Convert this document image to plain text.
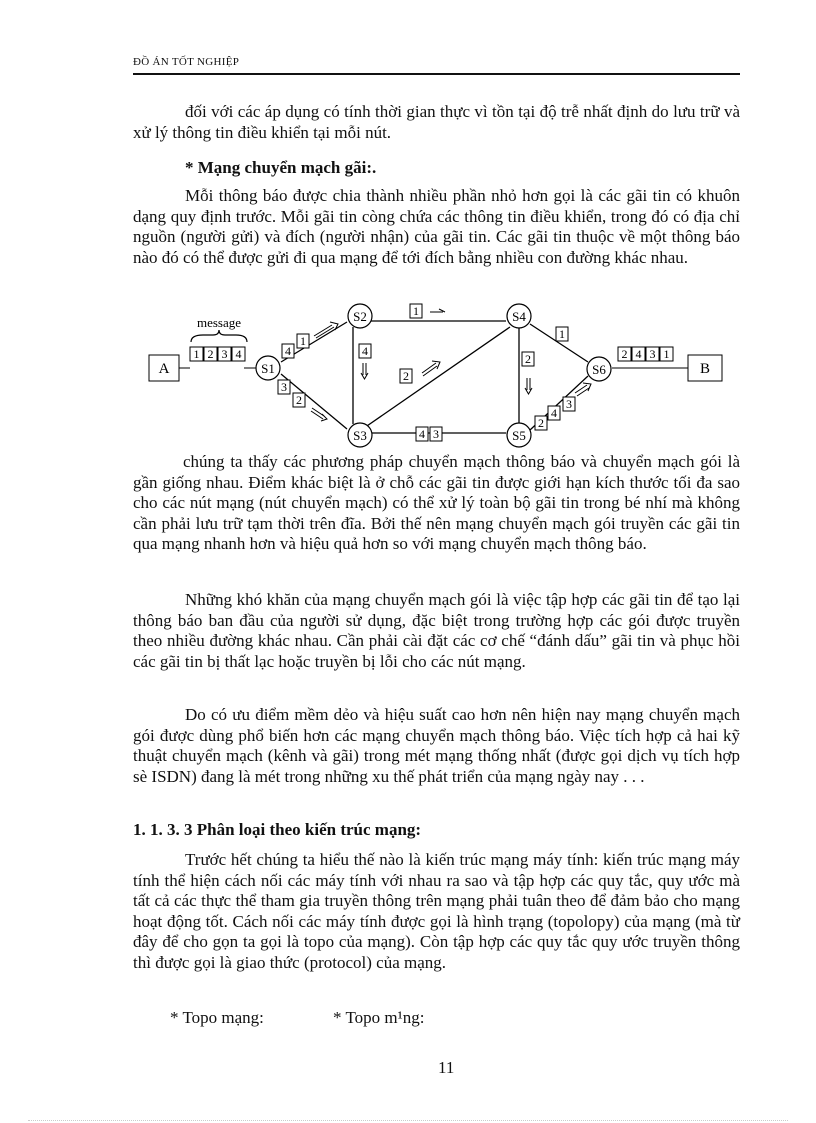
ĐỒ ÁN TỐT NGHIỆP

đối với các áp dụng có tính thời gian thực vì tồn tại độ trễ nhất định do lưu trữ và xử lý thông tin điều khiển tại mỗi nút.

* Mạng chuyển mạch gãi:.

Mỗi thông báo được chia thành nhiều phần nhỏ hơn gọi là các gãi tin có khuôn dạng quy định trước. Mỗi gãi tin còng chứa các thông tin điều khiển, trong đó có địa chỉ nguồn (người gửi) và đích (người nhận) của gãi tin. Các gãi tin thuộc về một thông báo nào đó có thể được gửi đi qua mạng để tới đích bằng nhiều con đường khác nhau.

A	B
message
1 2 3 4	2 4 3 1
S1
S2
S3
S4
S5
S6
4
1
3
2
1
4
2
4 3
1
2
2
4
3

chúng ta thấy các phương pháp chuyển mạch thông báo và chuyển mạch gói là gần giống nhau. Điểm khác biệt là ở chỗ các gãi tin được giới hạn kích thước tối đa sao cho các nút mạng (nút chuyển mạch) có thể xử lý toàn bộ gãi tin trong bé nhí mà không cần phải lưu trữ tạm thời trên đĩa. Bởi thế nên mạng chuyển mạch gói truyền các gãi tin qua mạng nhanh hơn và hiệu quả hơn so với mạng chuyển mạch thông báo.

Những khó khăn của mạng chuyển mạch gói là việc tập hợp các gãi tin để tạo lại thông báo ban đầu của người sử dụng, đặc biệt trong trường hợp các gói được truyền theo nhiều đường khác nhau. Cần phải cài đặt các cơ chế “đánh dấu” gãi tin và phục hồi các gãi tin bị thất lạc hoặc truyền bị lỗi cho các nút mạng.

Do có ưu điểm mềm dẻo và hiệu suất cao hơn nên hiện nay mạng chuyển mạch gói được dùng phổ biến hơn các mạng chuyển mạch thông báo. Việc tích hợp cả hai kỹ thuật chuyển mạch (kênh và gãi) trong mét mạng thống nhất (được gọi dịch vụ tích hợp sè ISDN) đang là mét trong những xu thế phát triển của mạng ngày nay . . .

1. 1. 3. 3 Phân loại theo kiến trúc mạng:

Trước hết chúng ta hiểu thế nào là kiến trúc mạng máy tính: kiến trúc mạng máy tính thể hiện cách nối các máy tính với nhau ra sao và tập hợp các quy tắc, quy ước mà tất cả các thực thể tham gia truyền thông trên mạng phải tuân theo để đảm bảo cho mạng hoạt động tốt. Cách nối các máy tính được gọi là hình trạng (topolopy) của mạng (mà từ đây để cho gọn ta gọi là topo của mạng). Còn tập hợp các quy tắc quy ước truyền thông thì được gọi là giao thức (protocol) của mạng.

* Topo mạng:	* Topo m¹ng:
11
